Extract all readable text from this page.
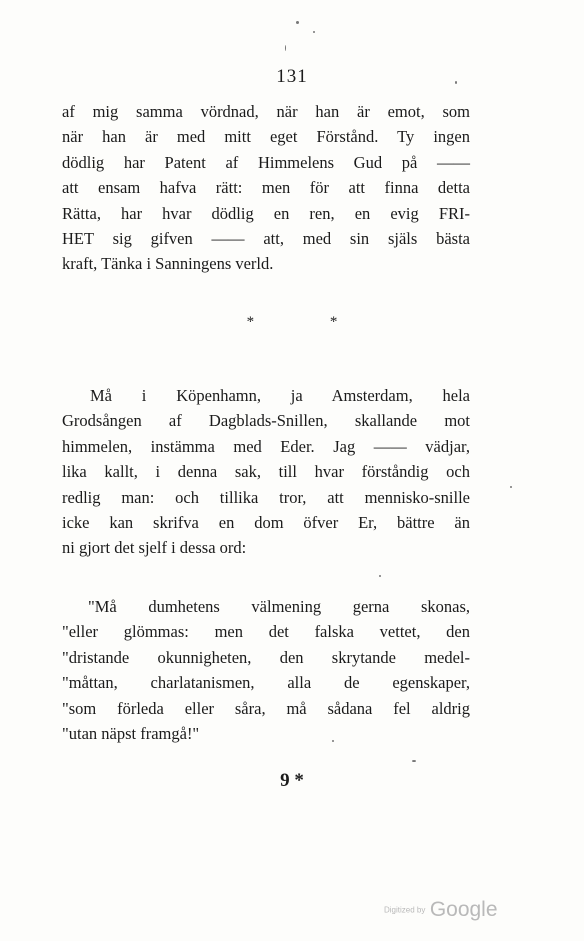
131
af mig samma vördnad, när han är emot, som
när han är med mitt eget Förstånd. Ty ingen
dödlig har Patent af Himmelens Gud på ——
att ensam hafva rätt: men för att finna detta
Rätta, har hvar dödlig en ren, en evig FRI-
HET sig gifven —— att, med sin själs bästa
kraft, Tänka i Sanningens verld.
* *
Må i Köpenhamn, ja Amsterdam, hela
Grodsången af Dagblads-Snillen, skallande mot
himmelen, instämma med Eder. Jag —— vädjar,
lika kallt, i denna sak, till hvar förståndig och
redlig man: och tillika tror, att mennisko-snille
icke kan skrifva en dom öfver Er, bättre än
ni gjort det sjelf i dessa ord:
"Må dumhetens välmening gerna skonas,
"eller glömmas: men det falska vettet, den
"dristande okunnigheten, den skrytande medel-
"måttan, charlatanismen, alla de egenskaper,
"som förleda eller såra, må sådana fel aldrig
"utan näpst framgå!"
9 *
Digitized by Google
